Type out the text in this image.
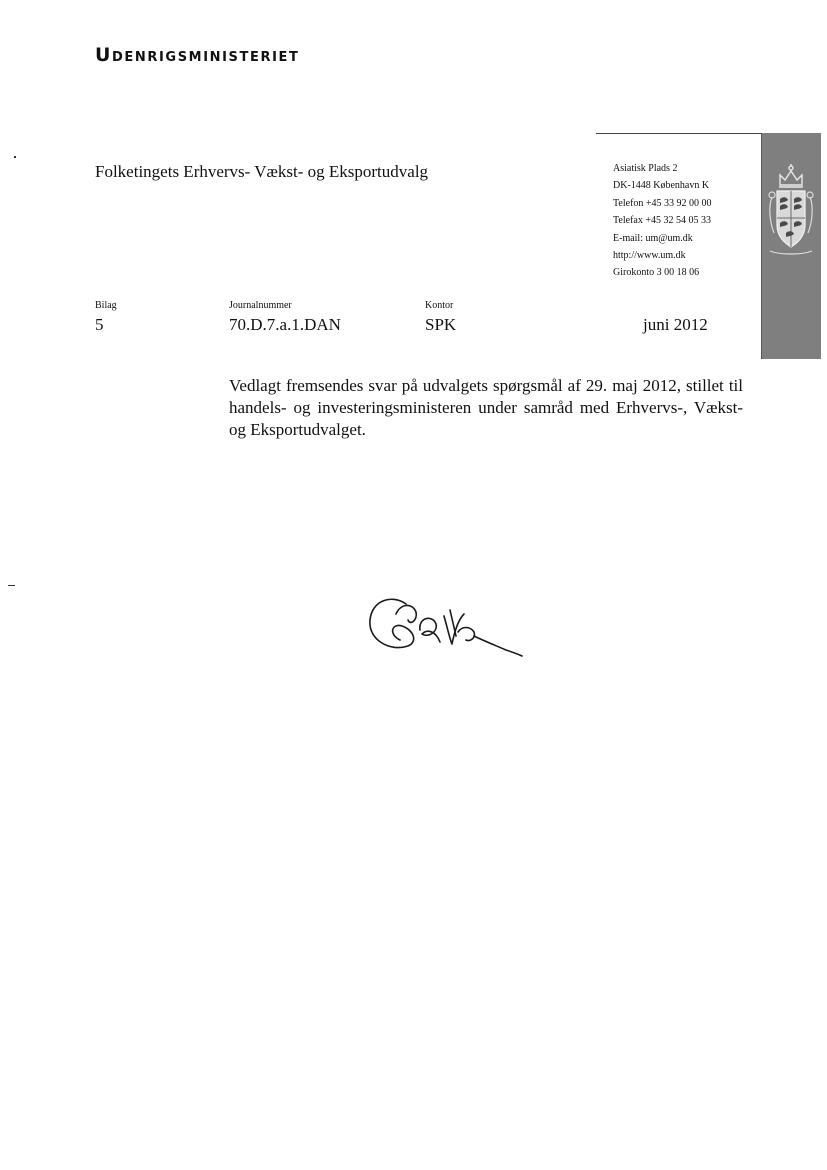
Udenrigsministeriet
Folketingets Erhvervs- Vækst- og Eksportudvalg	Asiatisk Plads 2
DK-1448 København K
Telefon +45 33 92 00 00
Telefax +45 32 54 05 33
E-mail: um@um.dk
http://www.um.dk
Girokonto 3 00 18 06
Bilag	Journalnummer	Kontor
5	70.D.7.a.1.DAN	SPK	juni 2012
Vedlagt fremsendes svar på udvalgets spørgsmål af 29. maj 2012, stillet til handels- og investeringsministeren under samråd med Erhvervs-, Vækst- og Eksportudvalget.
